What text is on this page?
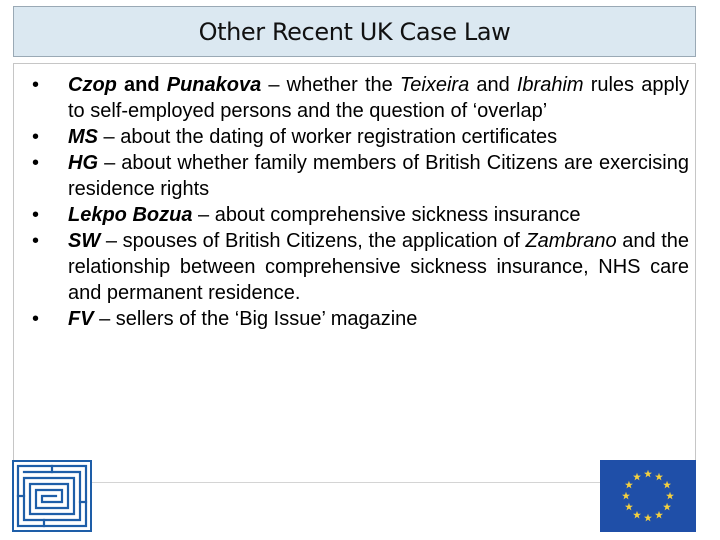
Other Recent UK Case Law
•	Czop and Punakova – whether the Teixeira and Ibrahim rules apply to self-employed persons and the question of ‘overlap’
•	MS – about the dating of worker registration certificates
•	HG – about whether family members of British Citizens are exercising residence rights
•	Lekpo Bozua – about comprehensive sickness insurance
•	SW – spouses of British Citizens, the application of Zambrano and the relationship between comprehensive sickness insurance, NHS care and permanent residence.
•	FV – sellers of the ‘Big Issue’ magazine
